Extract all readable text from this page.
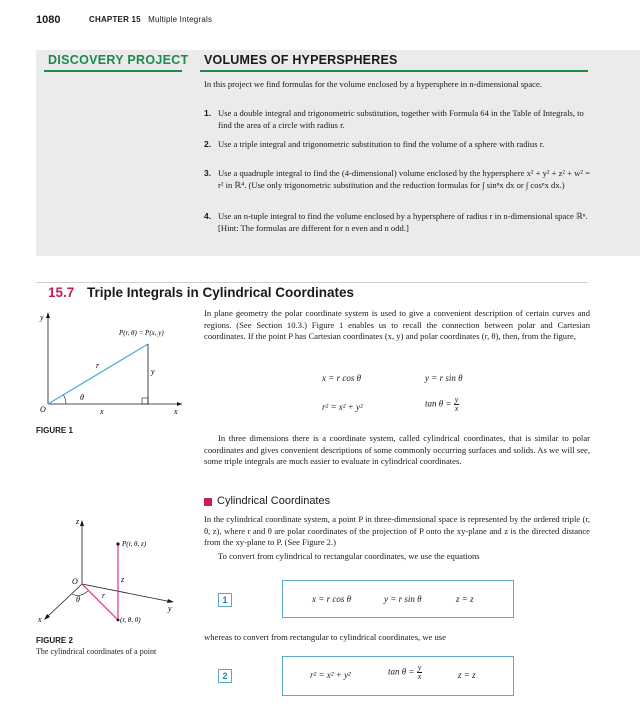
1080	CHAPTER 15 Multiple Integrals
DISCOVERY PROJECT VOLUMES OF HYPERSPHERES
In this project we find formulas for the volume enclosed by a hypersphere in n-dimensional space.
1. Use a double integral and trigonometric substitution, together with Formula 64 in the Table of Integrals, to find the area of a circle with radius r.
2. Use a triple integral and trigonometric substitution to find the volume of a sphere with radius r.
3. Use a quadruple integral to find the (4-dimensional) volume enclosed by the hypersphere x² + y² + z² + w² = r² in ℝ⁴. (Use only trigonometric substitution and the reduction formulas for ∫ sinⁿx dx or ∫ cosⁿx dx.)
4. Use an n-tuple integral to find the volume enclosed by a hypersphere of radius r in n-dimensional space ℝⁿ. [Hint: The formulas are different for n even and n odd.]
15.7 Triple Integrals in Cylindrical Coordinates
y
x
O
P(r, θ) = P(x, y)
r
θ
x
y
FIGURE 1
In plane geometry the polar coordinate system is used to give a convenient description of certain curves and regions. (See Section 10.3.) Figure 1 enables us to recall the connection between polar and Cartesian coordinates. If the point P has Cartesian coordinates (x, y) and polar coordinates (r, θ), then, from the figure,
x = r cos θ	y = r sin θ
r² = x² + y²	$\tan \theta = \frac{y}{x}$
In three dimensions there is a coordinate system, called cylindrical coordinates, that is similar to polar coordinates and gives convenient descriptions of some commonly occurring surfaces and solids. As we will see, some triple integrals are much easier to evaluate in cylindrical coordinates.
Cylindrical Coordinates
In the cylindrical coordinate system, a point P in three-dimensional space is represented by the ordered triple (r, θ, z), where r and θ are polar coordinates of the projection of P onto the xy-plane and z is the directed distance from the xy-plane to P. (See Figure 2.)
To convert from cylindrical to rectangular coordinates, we use the equations
z
y
x
O
P(r, θ, z)
(r, θ, 0)
r
θ
z
FIGURE 2
The cylindrical coordinates of a point
1	x = r cos θ	y = r sin θ	z = z
whereas to convert from rectangular to cylindrical coordinates, we use
2	r² = x² + y²	$\tan \theta = \frac{y}{x}$	z = z
